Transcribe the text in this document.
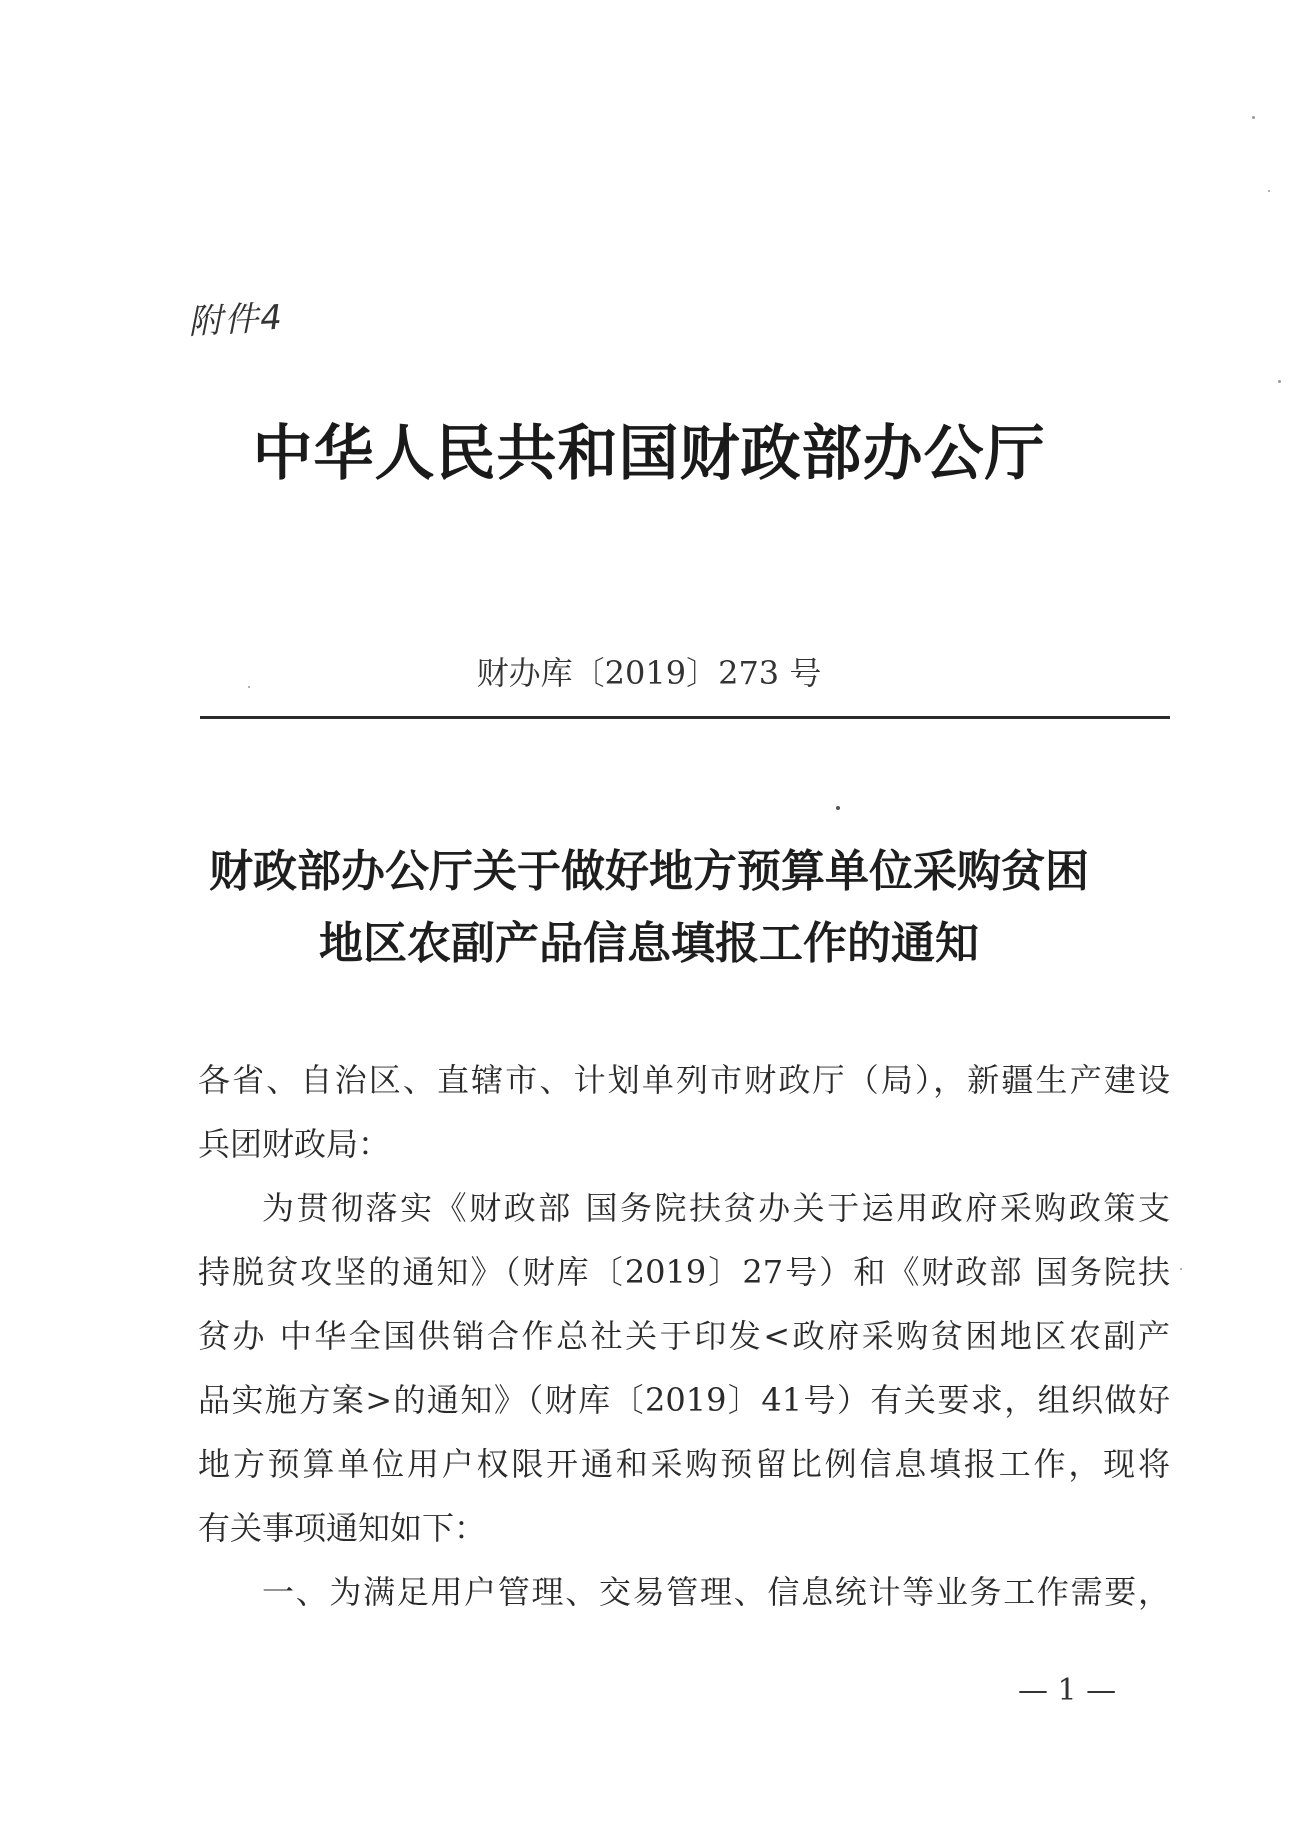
附件4
中华人民共和国财政部办公厅
财办库〔2019〕273 号
财政部办公厅关于做好地方预算单位采购贫困
地区农副产品信息填报工作的通知
各省、自治区、直辖市、计划单列市财政厅（局），新疆生产建设
兵团财政局：
为贯彻落实《财政部 国务院扶贫办关于运用政府采购政策支
持脱贫攻坚的通知》（财库〔2019〕27号）和《财政部 国务院扶
贫办 中华全国供销合作总社关于印发<政府采购贫困地区农副产
品实施方案>的通知》（财库〔2019〕41号）有关要求，组织做好
地方预算单位用户权限开通和采购预留比例信息填报工作，现将
有关事项通知如下：
一、为满足用户管理、交易管理、信息统计等业务工作需要，
— 1 —
